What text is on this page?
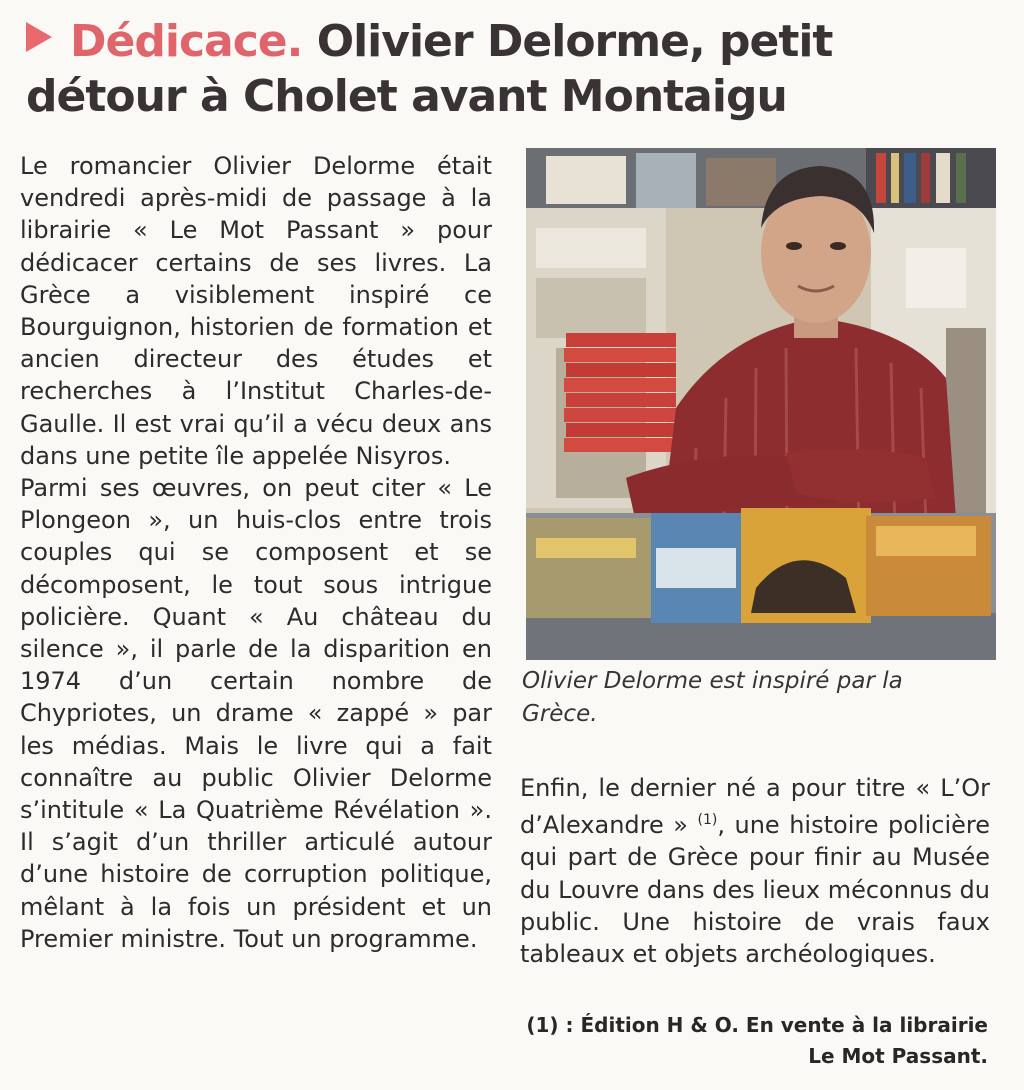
Dédicace. Olivier Delorme, petit détour à Cholet avant Montaigu

Le romancier Olivier Delorme était vendredi après-midi de passage à la librairie « Le Mot Passant » pour dédicacer certains de ses livres. La Grèce a visiblement inspiré ce Bourguignon, historien de formation et ancien directeur des études et recherches à l’Institut Charles-de-Gaulle. Il est vrai qu’il a vécu deux ans dans une petite île appelée Nisyros.

Parmi ses œuvres, on peut citer « Le Plongeon », un huis-clos entre trois couples qui se composent et se décomposent, le tout sous intrigue policière. Quant « Au château du silence », il parle de la disparition en 1974 d’un certain nombre de Chypriotes, un drame « zappé » par les médias. Mais le livre qui a fait connaître au public Olivier Delorme s’intitule « La Quatrième Révélation ». Il s’agit d’un thriller articulé autour d’une histoire de corruption politique, mêlant à la fois un président et un Premier ministre. Tout un programme.

Olivier Delorme est inspiré par la Grèce.

Enfin, le dernier né a pour titre « L’Or d’Alexandre » $^{(1)}$, une histoire policière qui part de Grèce pour finir au Musée du Louvre dans des lieux méconnus du public. Une histoire de vrais faux tableaux et objets archéologiques.

(1) : Édition H & O. En vente à la librairie Le Mot Passant.
